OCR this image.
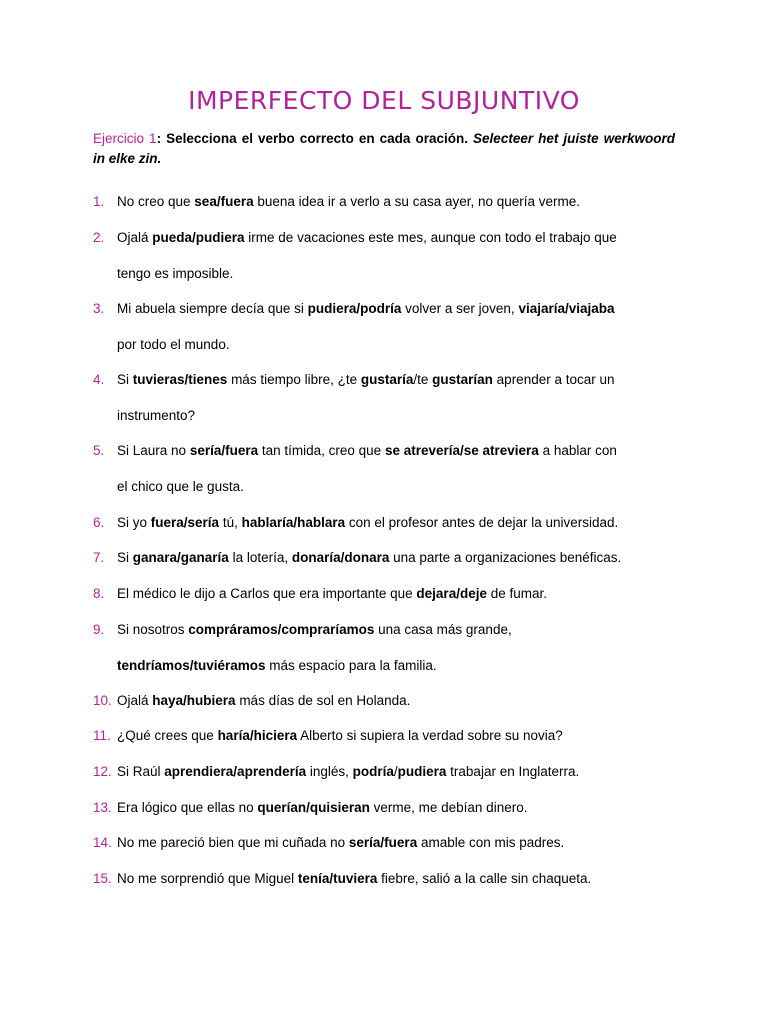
IMPERFECTO DEL SUBJUNTIVO
Ejercicio 1: Selecciona el verbo correcto en cada oración. Selecteer het juiste werkwoord in elke zin.
1. No creo que sea/fuera buena idea ir a verlo a su casa ayer, no quería verme.
2. Ojalá pueda/pudiera irme de vacaciones este mes, aunque con todo el trabajo que
tengo es imposible.
3. Mi abuela siempre decía que si pudiera/podría volver a ser joven, viajaría/viajaba
por todo el mundo.
4. Si tuvieras/tienes más tiempo libre, ¿te gustaría/te gustarían aprender a tocar un
instrumento?
5. Si Laura no sería/fuera tan tímida, creo que se atrevería/se atreviera a hablar con
el chico que le gusta.
6. Si yo fuera/sería tú, hablaría/hablara con el profesor antes de dejar la universidad.
7. Si ganara/ganaría la lotería, donaría/donara una parte a organizaciones benéficas.
8. El médico le dijo a Carlos que era importante que dejara/deje de fumar.
9. Si nosotros compráramos/compraríamos una casa más grande,
tendríamos/tuviéramos más espacio para la familia.
10. Ojalá haya/hubiera más días de sol en Holanda.
11. ¿Qué crees que haría/hiciera Alberto si supiera la verdad sobre su novia?
12. Si Raúl aprendiera/aprendería inglés, podría/pudiera trabajar en Inglaterra.
13. Era lógico que ellas no querían/quisieran verme, me debían dinero.
14. No me pareció bien que mi cuñada no sería/fuera amable con mis padres.
15. No me sorprendió que Miguel tenía/tuviera fiebre, salió a la calle sin chaqueta.
